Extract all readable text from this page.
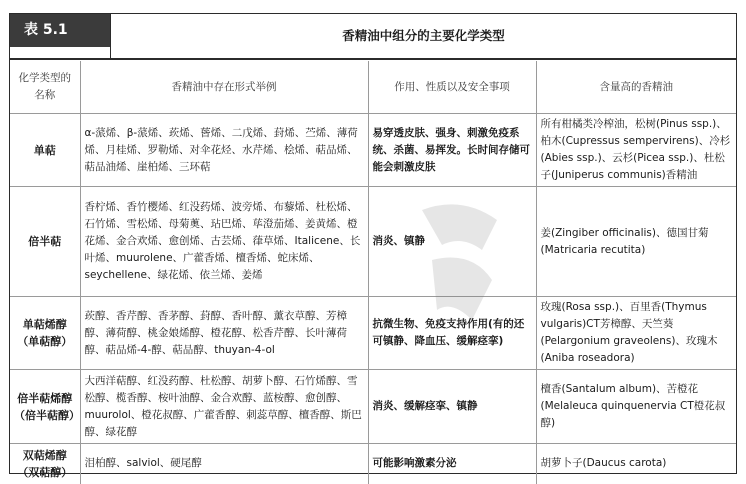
表 5.1	香精油中组分的主要化学类型
化学类型的名称	香精油中存在形式举例	作用、性质以及安全事项	含量高的香精油
单萜	α-蒎烯、β-蒎烯、莰烯、蒈烯、二戊烯、葑烯、苎烯、薄荷烯、月桂烯、罗勒烯、对伞花烃、水芹烯、桧烯、萜品烯、萜品油烯、崖柏烯、三环萜	易穿透皮肤、强身、刺激免疫系统、杀菌、易挥发。长时间存储可能会刺激皮肤	所有柑橘类冷榨油，松树(Pinus ssp.)、柏木(Cupressus sempervirens)、冷杉(Abies ssp.)、云杉(Picea ssp.)、杜松子(Juniperus communis)香精油
倍半萜	香柠烯、香竹樱烯、红没药烯、波旁烯、布藜烯、杜松烯、石竹烯、雪松烯、母菊薁、玷巴烯、荜澄茄烯、姜黄烯、橙花烯、金合欢烯、愈创烯、古芸烯、葎草烯、Italicene、长叶烯、muurolene、广藿香烯、檀香烯、蛇床烯、seychellene、绿花烯、依兰烯、姜烯	消炎、镇静	姜(Zingiber officinalis)、德国甘菊(Matricaria recutita)
单萜烯醇（单萜醇）	莰醇、香芹醇、香茅醇、葑醇、香叶醇、薰衣草醇、芳樟醇、薄荷醇、桃金娘烯醇、橙花醇、松香芹醇、长叶薄荷醇、萜品烯-4-醇、萜品醇、thuyan-4-ol	抗微生物、免疫支持作用(有的还可镇静、降血压、缓解痉挛)	玫瑰(Rosa ssp.)、百里香(Thymus vulgaris)CT芳樟醇、天竺葵(Pelargonium graveolens)、玫瑰木(Aniba roseadora)
倍半萜烯醇（倍半萜醇）	大西洋萜醇、红没药醇、杜松醇、胡萝卜醇、石竹烯醇、雪松醇、榄香醇、桉叶油醇、金合欢醇、蓝桉醇、愈创醇、muurolol、橙花叔醇、广藿香醇、刺蕊草醇、檀香醇、斯巴醇、绿花醇	消炎、缓解痉挛、镇静	檀香(Santalum album)、苦橙花(Melaleuca quinquenervia CT橙花叔醇)
双萜烯醇（双萜醇）	泪柏醇、salviol、硬尾醇	可能影响激素分泌	胡萝卜子(Daucus carota)
